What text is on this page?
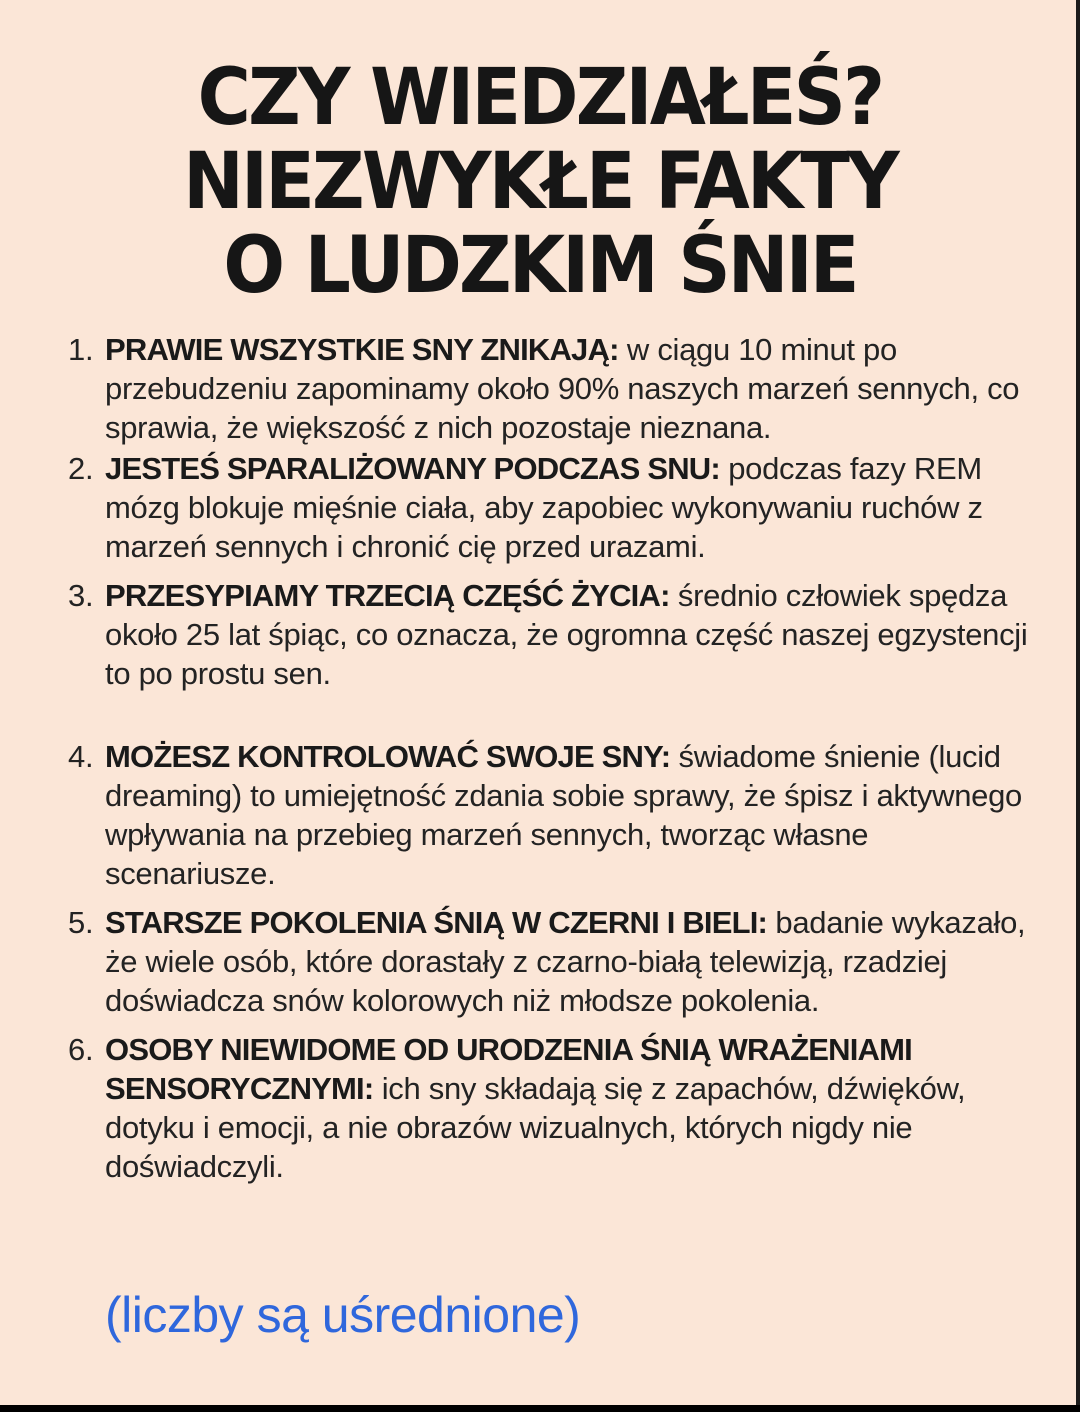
CZY WIEDZIAŁEŚ?
NIEZWYKŁE FAKTY
O LUDZKIM ŚNIE
1. PRAWIE WSZYSTKIE SNY ZNIKAJĄ: w ciągu 10 minut po przebudzeniu zapominamy około 90% naszych marzeń sennych, co sprawia, że większość z nich pozostaje nieznana.
2. JESTEŚ SPARALIŻOWANY PODCZAS SNU: podczas fazy REM mózg blokuje mięśnie ciała, aby zapobiec wykonywaniu ruchów z marzeń sennych i chronić cię przed urazami.
3. PRZESYPIAMY TRZECIĄ CZĘŚĆ ŻYCIA: średnio człowiek spędza około 25 lat śpiąc, co oznacza, że ogromna część naszej egzystencji to po prostu sen.
4. MOŻESZ KONTROLOWAĆ SWOJE SNY: świadome śnienie (lucid dreaming) to umiejętność zdania sobie sprawy, że śpisz i aktywnego wpływania na przebieg marzeń sennych, tworząc własne scenariusze.
5. STARSZE POKOLENIA ŚNIĄ W CZERNI I BIELI: badanie wykazało, że wiele osób, które dorastały z czarno-białą telewizją, rzadziej doświadcza snów kolorowych niż młodsze pokolenia.
6. OSOBY NIEWIDOME OD URODZENIA ŚNIĄ WRAŻENIAMI SENSORYCZNYMI: ich sny składają się z zapachów, dźwięków, dotyku i emocji, a nie obrazów wizualnych, których nigdy nie doświadczyli.
(liczby są uśrednione)
